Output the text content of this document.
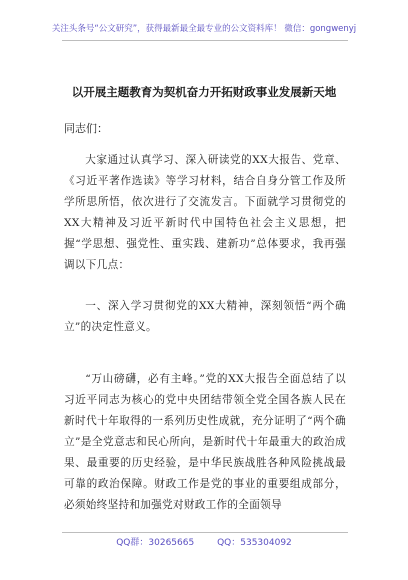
关注头条号“公文研究”，获得最新最全最专业的公文资料库！ 微信：gongwenyj
以开展主题教育为契机奋力开拓财政事业发展新天地
同志们：
大家通过认真学习、深入研读党的XX大报告、党章、《习近平著作选读》等学习材料，结合自身分管工作及所学所思所悟，依次进行了交流发言。下面就学习贯彻党的XX大精神及习近平新时代中国特色社会主义思想，把握“学思想、强党性、重实践、建新功”总体要求，我再强调以下几点：
一、深入学习贯彻党的XX大精神，深刻领悟“两个确立”的决定性意义。
“万山磅礴，必有主峰。”党的XX大报告全面总结了以习近平同志为核心的党中央团结带领全党全国各族人民在新时代十年取得的一系列历史性成就，充分证明了“两个确立”是全党意志和民心所向，是新时代十年最重大的政治成果、最重要的历史经验，是中华民族战胜各种风险挑战最可靠的政治保障。财政工作是党的事业的重要组成部分，必须始终坚持和加强党对财政工作的全面领导
QQ群：30265665	QQ：535304092
